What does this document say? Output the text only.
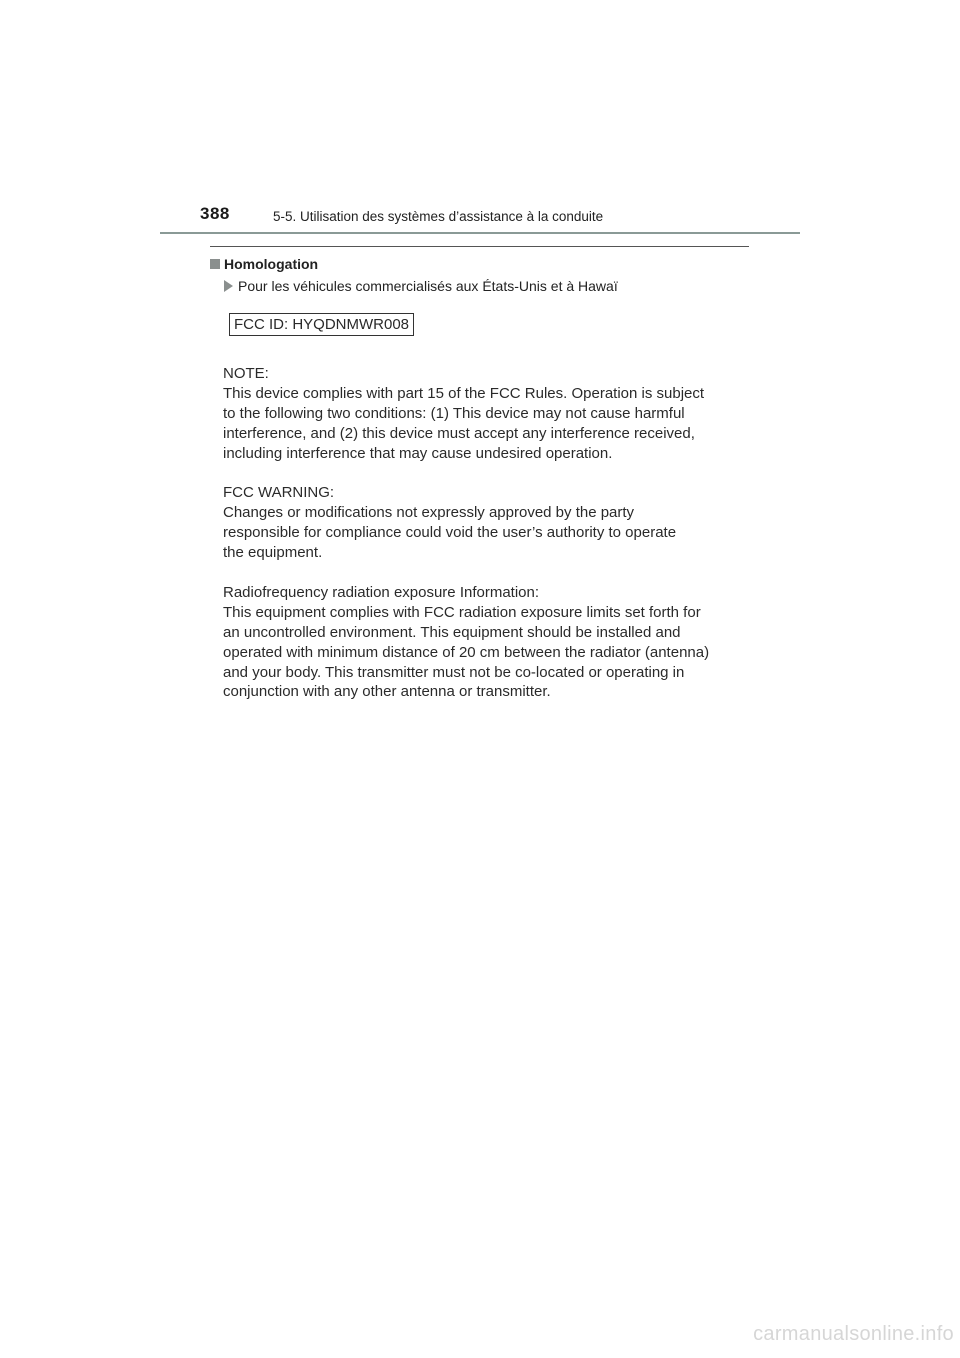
388	5-5. Utilisation des systèmes d’assistance à la conduite
Homologation
Pour les véhicules commercialisés aux États-Unis et à Hawaï
FCC ID: HYQDNMWR008

NOTE:
This device complies with part 15 of the FCC Rules. Operation is subject
to the following two conditions: (1) This device may not cause harmful
interference, and (2) this device must accept any interference received,
including interference that may cause undesired operation.

FCC WARNING:
Changes or modifications not expressly approved by the party
responsible for compliance could void the user’s authority to operate
the equipment.

Radiofrequency radiation exposure Information:
This equipment complies with FCC radiation exposure limits set forth for
an uncontrolled environment. This equipment should be installed and
operated with minimum distance of 20 cm between the radiator (antenna)
and your body. This transmitter must not be co-located or operating in
conjunction with any other antenna or transmitter.

carmanualsonline.info
